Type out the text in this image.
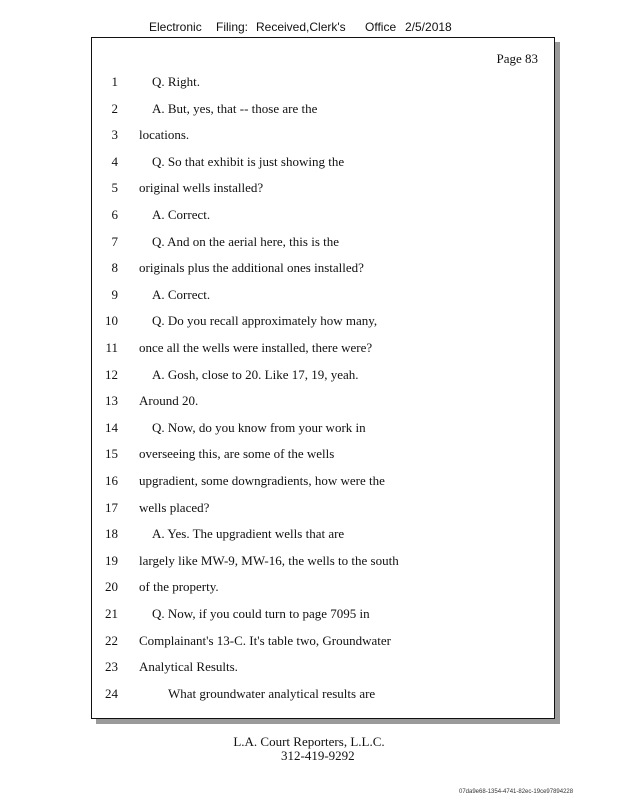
Electronic Filing: Received,Clerk's Office 2/5/2018
Page 83
1	Q. Right.
2	A. But, yes, that -- those are the
3 locations.
4	Q. So that exhibit is just showing the
5 original wells installed?
6	A. Correct.
7	Q. And on the aerial here, this is the
8 originals plus the additional ones installed?
9	A. Correct.
10	Q. Do you recall approximately how many,
11 once all the wells were installed, there were?
12	A. Gosh, close to 20. Like 17, 19, yeah.
13 Around 20.
14	Q. Now, do you know from your work in
15 overseeing this, are some of the wells
16 upgradient, some downgradients, how were the
17 wells placed?
18	A. Yes. The upgradient wells that are
19 largely like MW-9, MW-16, the wells to the south
20 of the property.
21	Q. Now, if you could turn to page 7095 in
22 Complainant's 13-C. It's table two, Groundwater
23 Analytical Results.
24	What groundwater analytical results are
L.A. Court Reporters, L.L.C.
312-419-9292
07da9e68-1354-4741-82ec-19ce97894228
